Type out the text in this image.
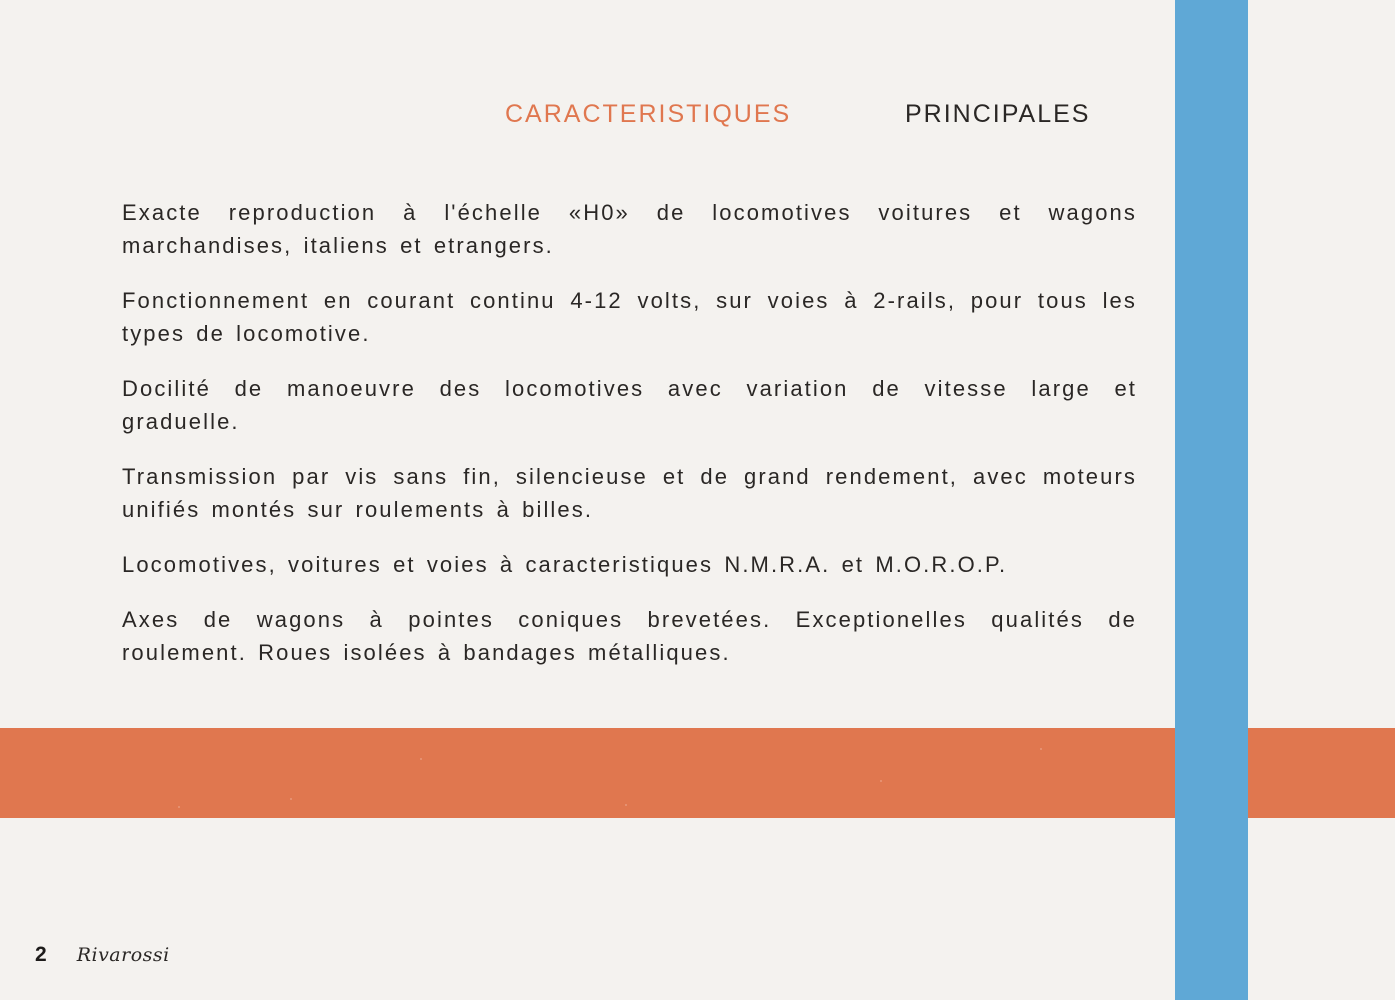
CARACTERISTIQUES	PRINCIPALES

Exacte reproduction à l'échelle «H0» de locomotives voitures et wagons marchandises, italiens et etrangers.

Fonctionnement en courant continu 4-12 volts, sur voies à 2-rails, pour tous les types de locomotive.

Docilité de manoeuvre des locomotives avec variation de vitesse large et graduelle.

Transmission par vis sans fin, silencieuse et de grand rendement, avec moteurs unifiés montés sur roulements à billes.

Locomotives, voitures et voies à caracteristiques N.M.R.A. et M.O.R.O.P.

Axes de wagons à pointes coniques brevetées. Exceptionelles qualités de roulement. Roues isolées à bandages métalliques.

2 Rivarossi
